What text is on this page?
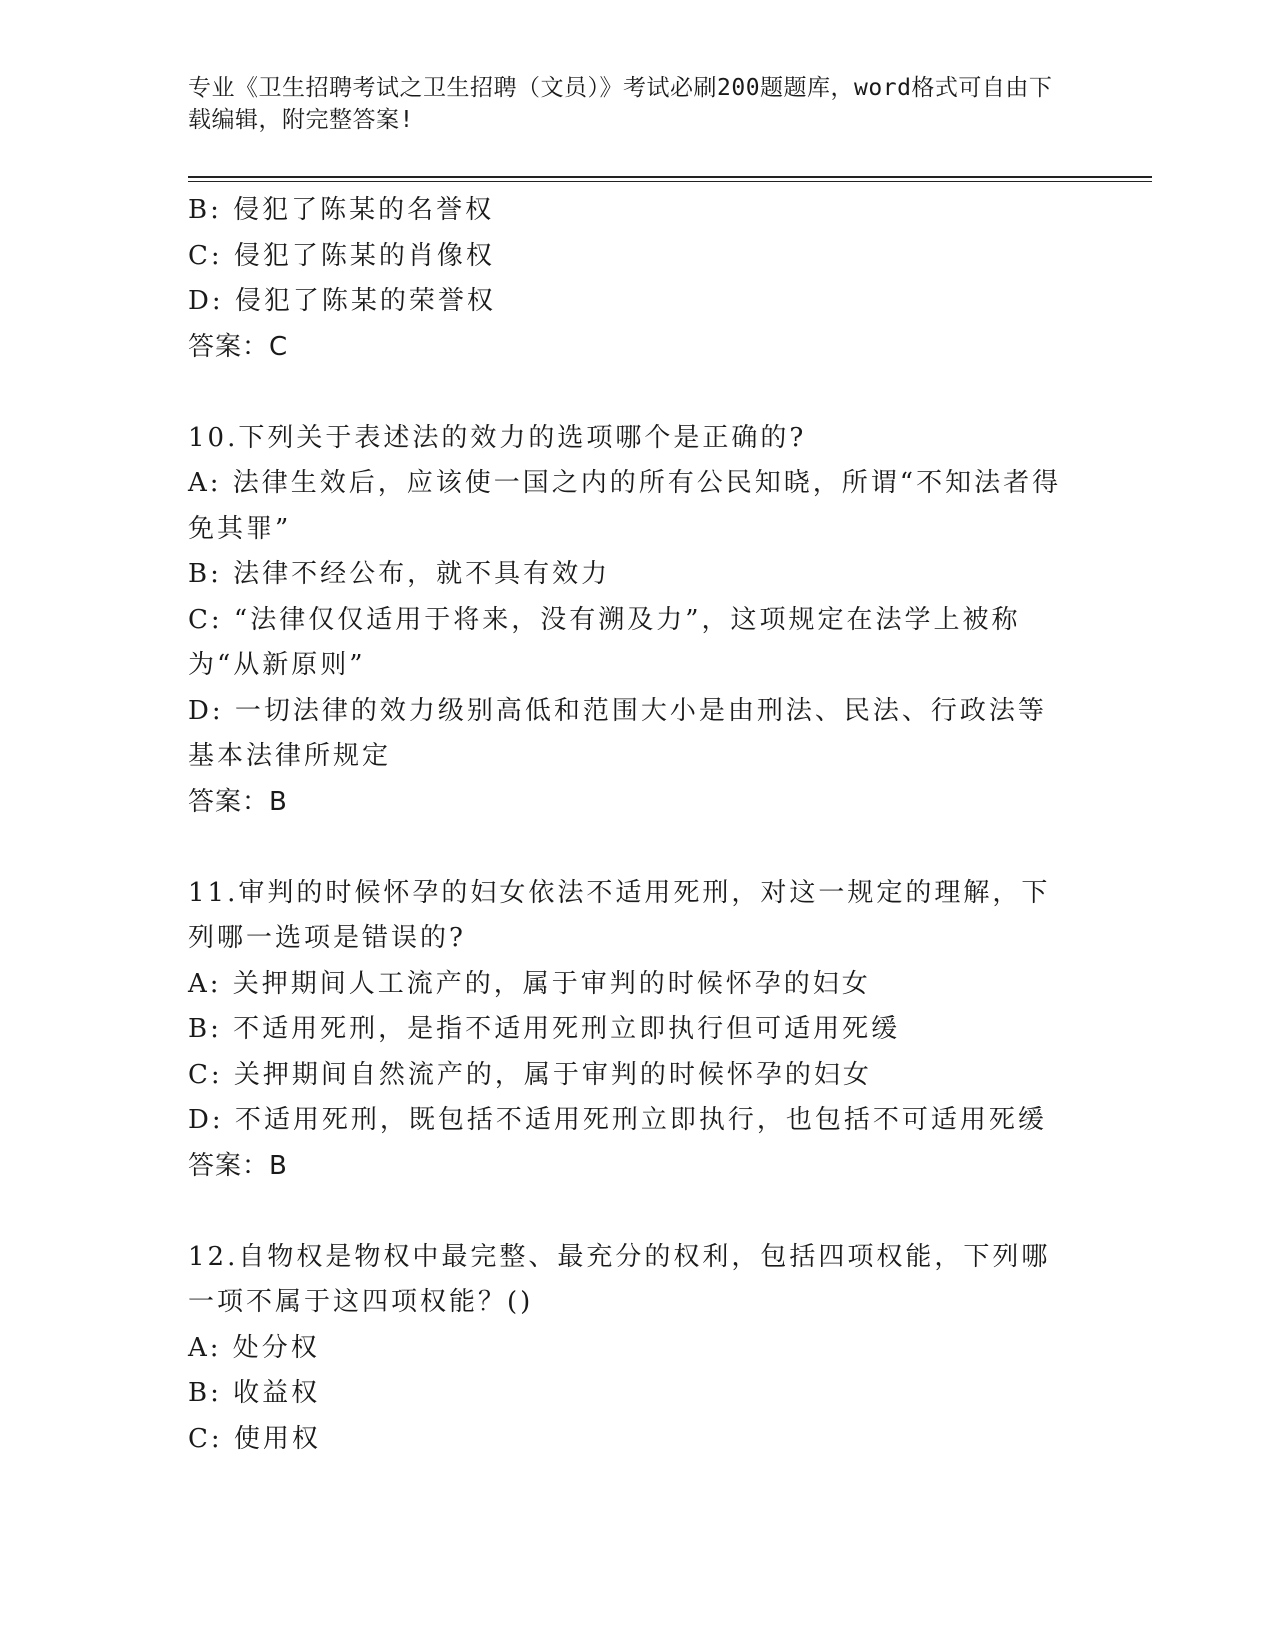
专业《卫生招聘考试之卫生招聘（文员）》考试必刷200题题库，word格式可自由下载编辑，附完整答案!
B: 侵犯了陈某的名誉权
C: 侵犯了陈某的肖像权
D: 侵犯了陈某的荣誉权
答案：C
10.下列关于表述法的效力的选项哪个是正确的?
A: 法律生效后，应该使一国之内的所有公民知晓，所谓“不知法者得免其罪”
B: 法律不经公布，就不具有效力
C: “法律仅仅适用于将来，没有溯及力”，这项规定在法学上被称为“从新原则”
D: 一切法律的效力级别高低和范围大小是由刑法、民法、行政法等基本法律所规定
答案：B
11.审判的时候怀孕的妇女依法不适用死刑，对这一规定的理解，下列哪一选项是错误的?
A: 关押期间人工流产的，属于审判的时候怀孕的妇女
B: 不适用死刑，是指不适用死刑立即执行但可适用死缓
C: 关押期间自然流产的，属于审判的时候怀孕的妇女
D: 不适用死刑，既包括不适用死刑立即执行，也包括不可适用死缓
答案：B
12.自物权是物权中最完整、最充分的权利，包括四项权能，下列哪一项不属于这四项权能？()
A: 处分权
B: 收益权
C: 使用权
